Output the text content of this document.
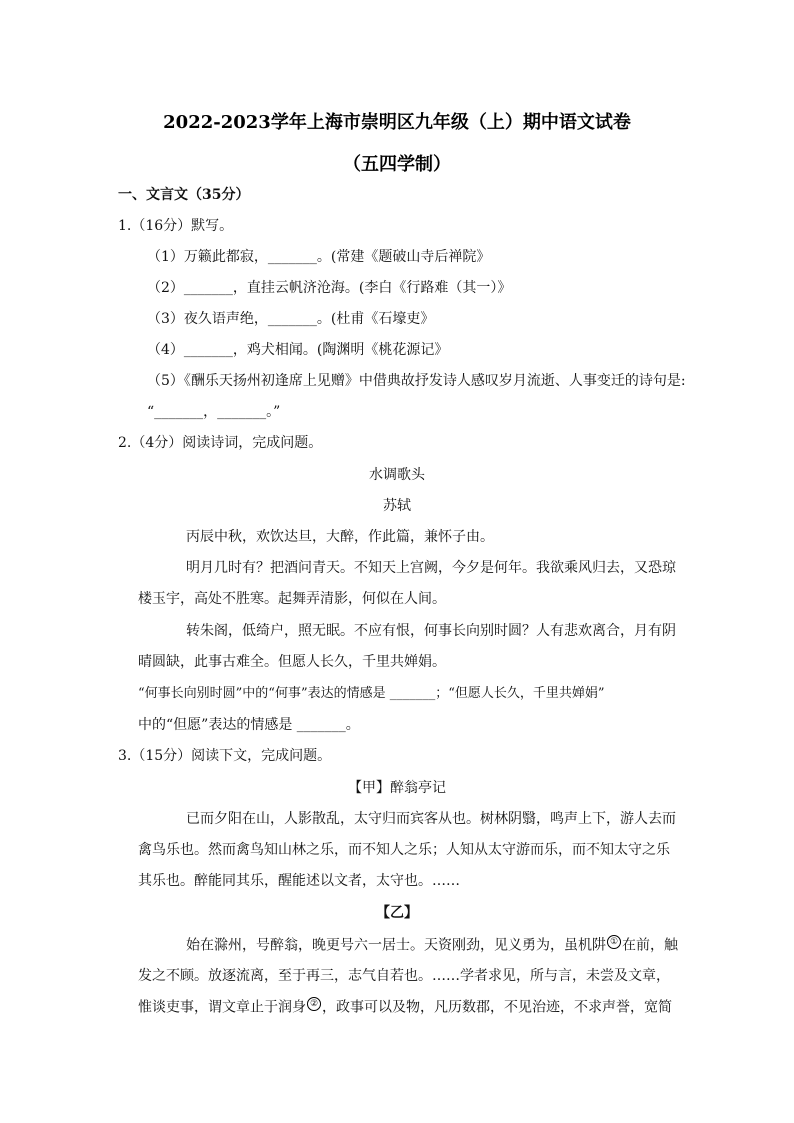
2022-2023学年上海市崇明区九年级（上）期中语文试卷
（五四学制）
一、文言文（35分）
1.（16分）默写。
（1）万籁此都寂，_______。(常建《题破山寺后禅院》
（2）_______，直挂云帆济沧海。(李白《行路难（其一）》
（3）夜久语声绝，_______。(杜甫《石壕吏》
（4）_______，鸡犬相闻。(陶渊明《桃花源记》
（5）《酬乐天扬州初逢席上见赠》中借典故抒发诗人感叹岁月流逝、人事变迁的诗句是:
“_______，_______。”
2.（4分）阅读诗词，完成问题。
水调歌头
苏轼
丙辰中秋，欢饮达旦，大醉，作此篇，兼怀子由。
明月几时有？把酒问青天。不知天上宫阙，今夕是何年。我欲乘风归去，又恐琼
楼玉宇，高处不胜寒。起舞弄清影，何似在人间。
转朱阁，低绮户，照无眠。不应有恨，何事长向别时圆？人有悲欢离合，月有阴
晴圆缺，此事古难全。但愿人长久，千里共婵娟。
“何事长向别时圆”中的“何事”表达的情感是 _______；“但愿人长久，千里共婵娟”
中的“但愿”表达的情感是 _______。
3.（15分）阅读下文，完成问题。
【甲】醉翁亭记
已而夕阳在山，人影散乱，太守归而宾客从也。树林阴翳，鸣声上下，游人去而
禽鸟乐也。然而禽鸟知山林之乐，而不知人之乐；人知从太守游而乐，而不知太守之乐
其乐也。醉能同其乐，醒能述以文者，太守也。……
【乙】
始在滁州，号醉翁，晚更号六一居士。天资刚劲，见义勇为，虽机阱 ① 在前，触
发之不顾。放逐流离，至于再三，志气自若也。……学者求见，所与言，未尝及文章，
惟谈吏事，谓文章止于润身 ② ，政事可以及物，凡历数郡，不见治迹，不求声誉，宽简
